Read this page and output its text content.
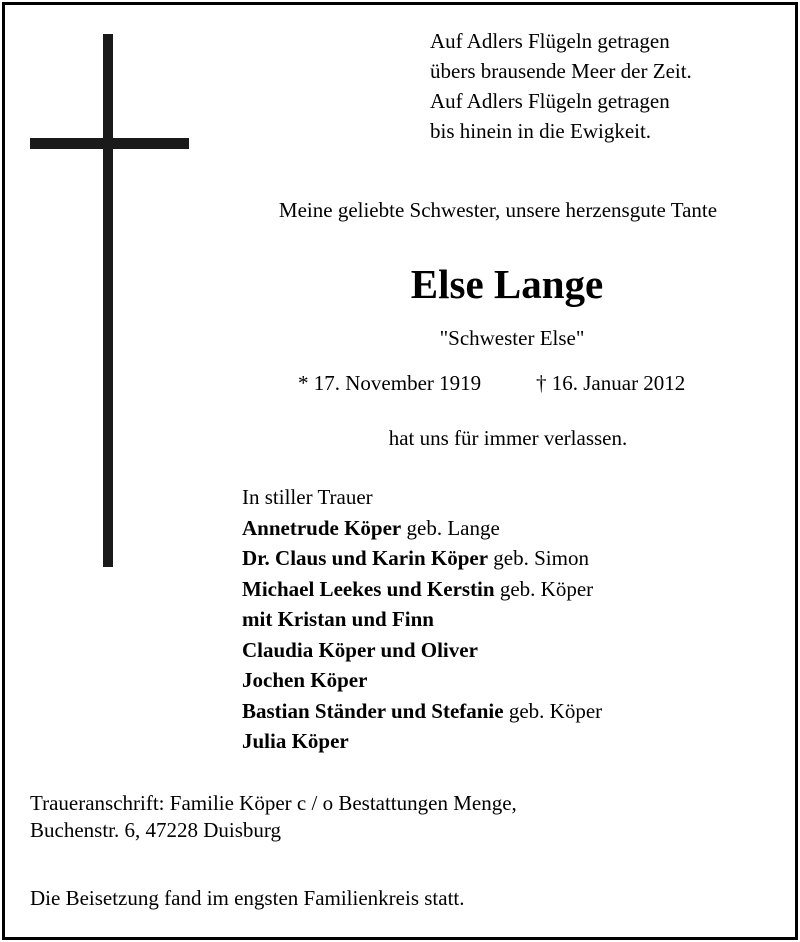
Auf Adlers Flügeln getragen
übers brausende Meer der Zeit.
Auf Adlers Flügeln getragen
bis hinein in die Ewigkeit.
Meine geliebte Schwester, unsere herzensgute Tante
Else Lange
"Schwester Else"
* 17. November 1919	† 16. Januar 2012
hat uns für immer verlassen.
In stiller Trauer
Annetrude Köper geb. Lange
Dr. Claus und Karin Köper geb. Simon
Michael Leekes und Kerstin geb. Köper
mit Kristan und Finn
Claudia Köper und Oliver
Jochen Köper
Bastian Ständer und Stefanie geb. Köper
Julia Köper
Traueranschrift: Familie Köper c / o Bestattungen Menge,
Buchenstr. 6, 47228 Duisburg
Die Beisetzung fand im engsten Familienkreis statt.
